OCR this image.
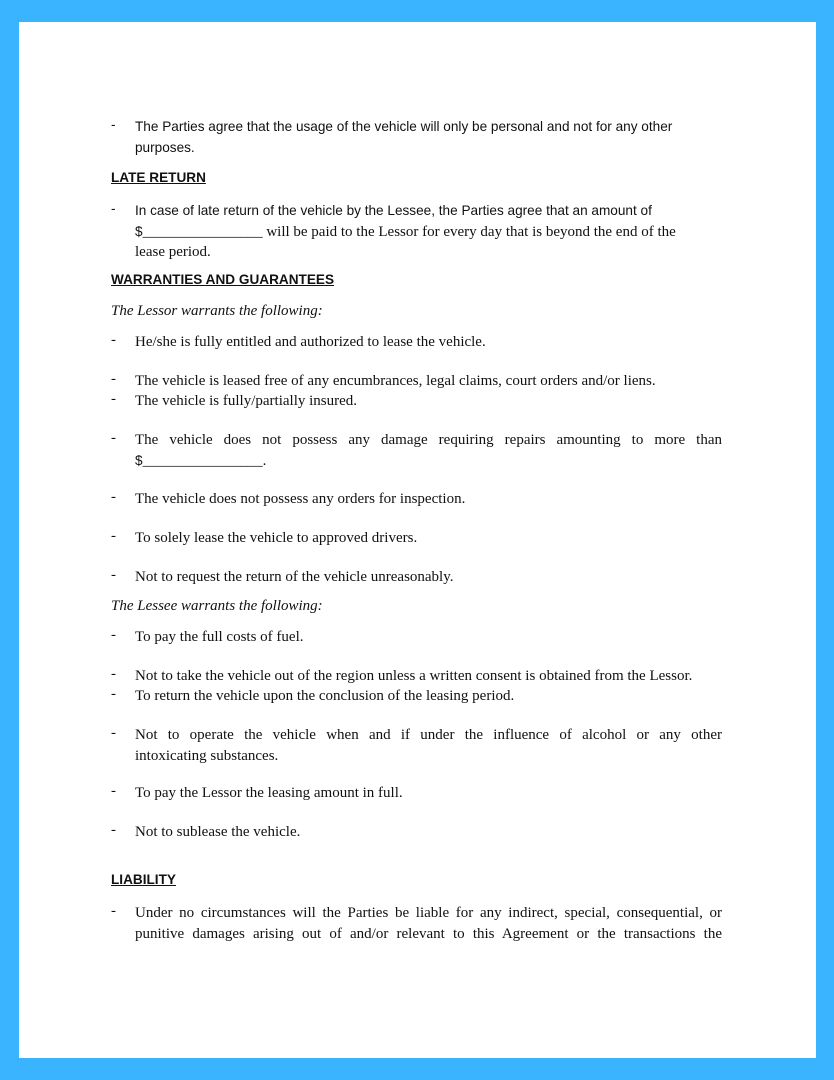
- The Parties agree that the usage of the vehicle will only be personal and not for any other
purposes.
LATE RETURN
- In case of late return of the vehicle by the Lessee, the Parties agree that an amount of
$________________ will be paid to the Lessor for every day that is beyond the end of the
lease period.
WARRANTIES AND GUARANTEES
The Lessor warrants the following:
- He/she is fully entitled and authorized to lease the vehicle.
- The vehicle is leased free of any encumbrances, legal claims, court orders and/or liens.
- The vehicle is fully/partially insured.
- The vehicle does not possess any damage requiring repairs amounting to more than
$________________.
- The vehicle does not possess any orders for inspection.
- To solely lease the vehicle to approved drivers.
- Not to request the return of the vehicle unreasonably.
The Lessee warrants the following:
- To pay the full costs of fuel.
- Not to take the vehicle out of the region unless a written consent is obtained from the Lessor.
- To return the vehicle upon the conclusion of the leasing period.
- Not to operate the vehicle when and if under the influence of alcohol or any other
intoxicating substances.
- To pay the Lessor the leasing amount in full.
- Not to sublease the vehicle.
LIABILITY
- Under no circumstances will the Parties be liable for any indirect, special, consequential, or
punitive damages arising out of and/or relevant to this Agreement or the transactions the
